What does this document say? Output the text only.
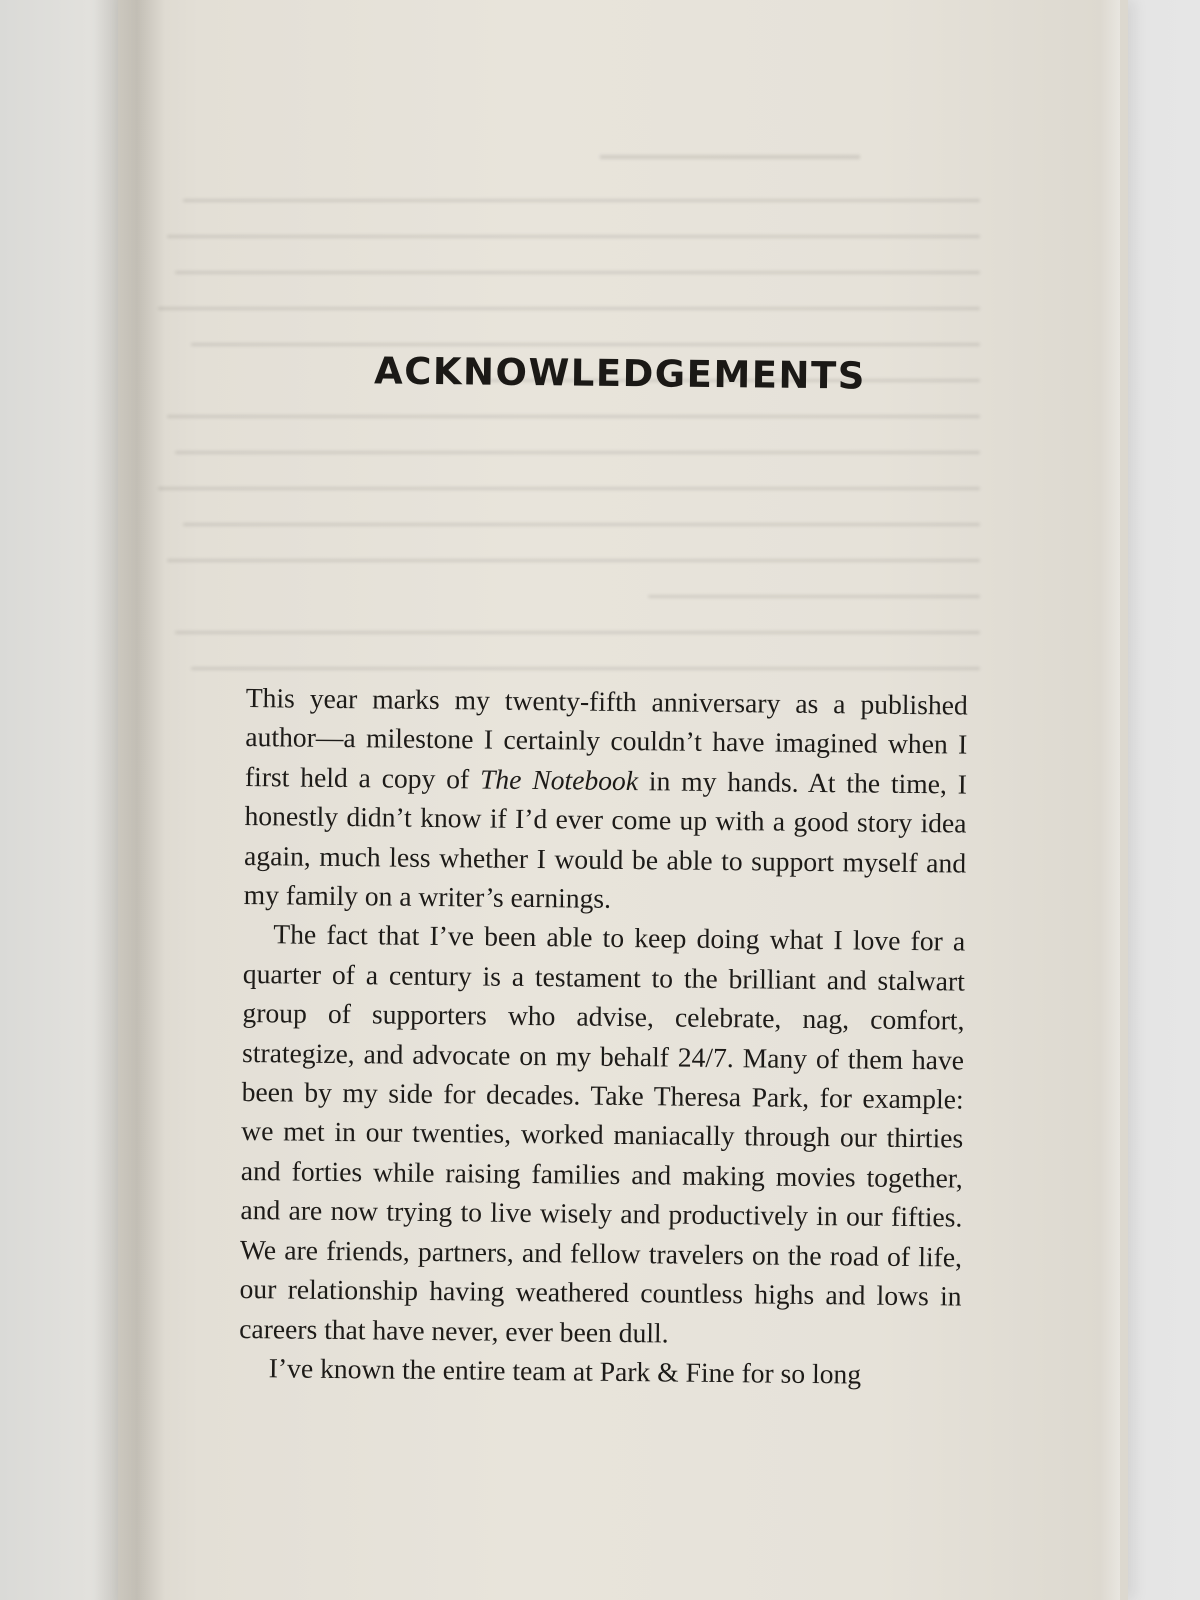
ACKNOWLEDGEMENTS

This year marks my twenty-fifth anniversary as a published author—a milestone I certainly couldn’t have imagined when I first held a copy of The Notebook in my hands. At the time, I honestly didn’t know if I’d ever come up with a good story idea again, much less whether I would be able to support myself and my family on a writer’s earnings.

The fact that I’ve been able to keep doing what I love for a quarter of a century is a testament to the brilliant and stalwart group of supporters who advise, celebrate, nag, comfort, strategize, and advocate on my behalf 24/7. Many of them have been by my side for decades. Take Theresa Park, for example: we met in our twenties, worked maniacally through our thirties and forties while raising families and making movies together, and are now trying to live wisely and productively in our fifties. We are friends, partners, and fellow travelers on the road of life, our relationship having weathered countless highs and lows in careers that have never, ever been dull.

I’ve known the entire team at Park & Fine for so long
